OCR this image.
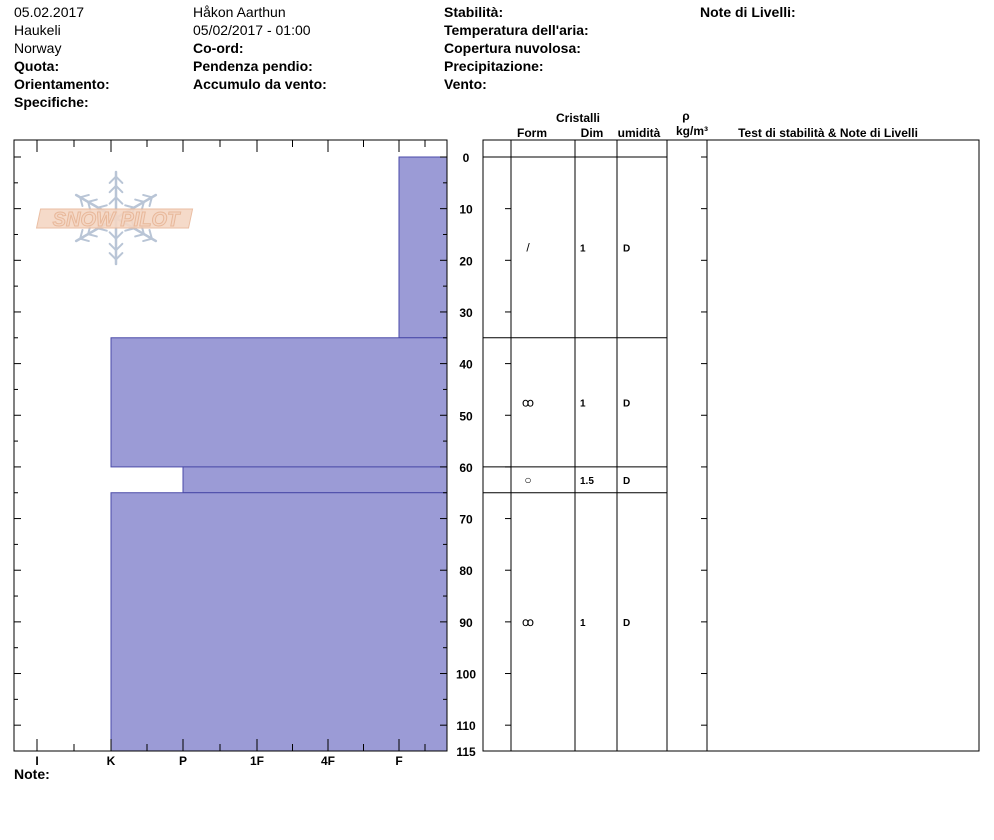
05.02.2017
Haukeli
Norway
Quota:
Orientamento:
Specifiche:
Håkon Aarthun
05/02/2017 - 01:00
Co-ord:
Pendenza pendio:
Accumulo da vento:
Stabilità:
Temperatura dell'aria:
Copertura nuvolosa:
Precipitazione:
Vento:
Note di Livelli:
Note:
SNOW PILOT
Cristalli
Form	Dim umidità
ρ
kg/m³	Test di stabilità & Note di Livelli
/	1	D
ꝏ	1	D
○	1.5	D
ꝏ	1	D
I	K	P	1F	4F	F
0
10
20
30
40
50
60
70
80
90
100
110
115
